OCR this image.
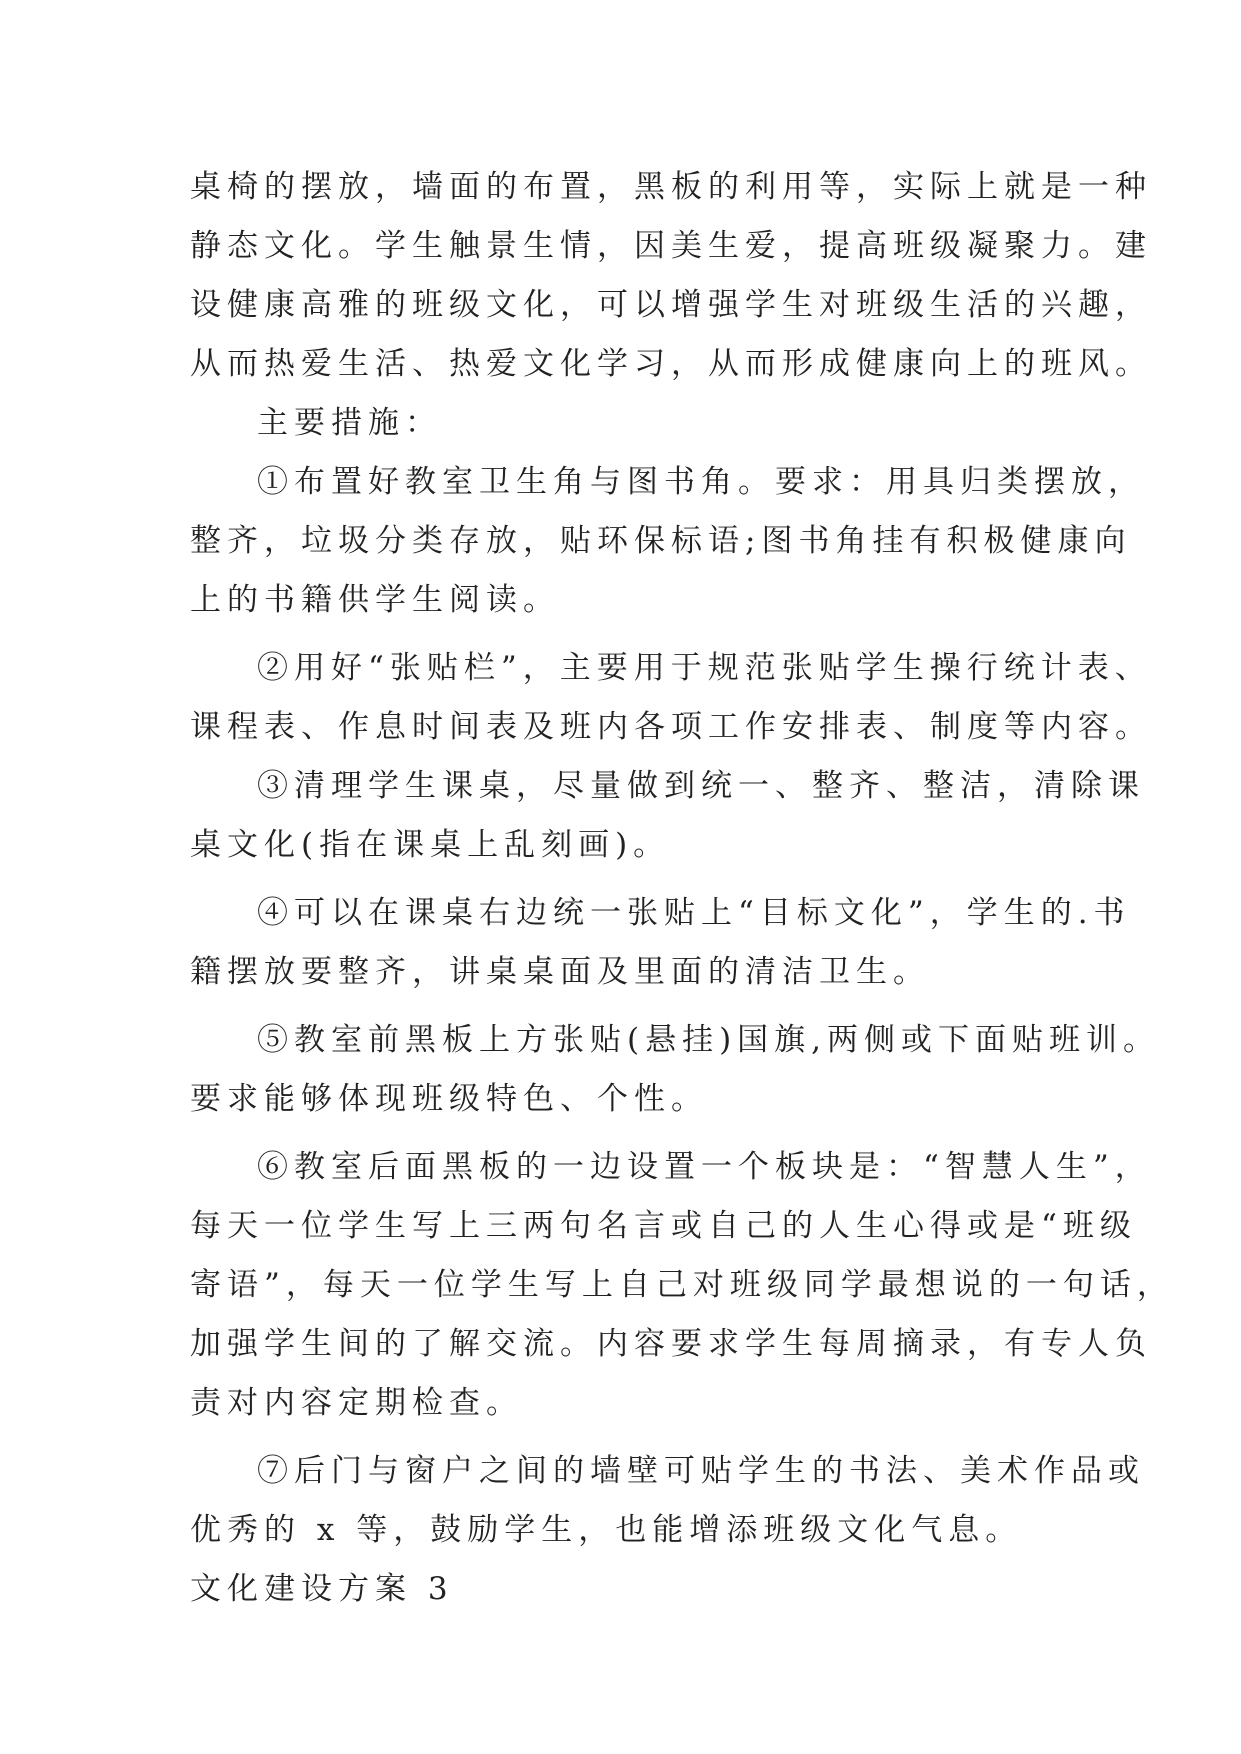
桌椅的摆放，墙面的布置，黑板的利用等，实际上就是一种
静态文化。学生触景生情，因美生爱，提高班级凝聚力。建
设健康高雅的班级文化，可以增强学生对班级生活的兴趣，
从而热爱生活、热爱文化学习，从而形成健康向上的班风。
主要措施：
①布置好教室卫生角与图书角。要求：用具归类摆放，
整齐，垃圾分类存放，贴环保标语;图书角挂有积极健康向
上的书籍供学生阅读。
②用好“张贴栏”，主要用于规范张贴学生操行统计表、
课程表、作息时间表及班内各项工作安排表、制度等内容。
③清理学生课桌，尽量做到统一、整齐、整洁，清除课
桌文化(指在课桌上乱刻画)。
④可以在课桌右边统一张贴上“目标文化”，学生的.书
籍摆放要整齐，讲桌桌面及里面的清洁卫生。
⑤教室前黑板上方张贴(悬挂)国旗,两侧或下面贴班训。
要求能够体现班级特色、个性。
⑥教室后面黑板的一边设置一个板块是：“智慧人生”，
每天一位学生写上三两句名言或自己的人生心得或是“班级
寄语”，每天一位学生写上自己对班级同学最想说的一句话，
加强学生间的了解交流。内容要求学生每周摘录，有专人负
责对内容定期检查。
⑦后门与窗户之间的墙壁可贴学生的书法、美术作品或
优秀的 x 等，鼓励学生，也能增添班级文化气息。
文化建设方案 3
